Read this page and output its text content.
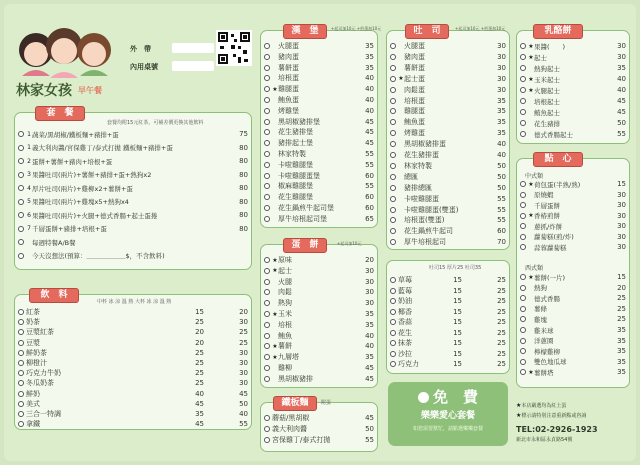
林家女孩 早午餐
外　帶
內用桌號
套　餐
套餐均附15元紅茶，可補差價更換其他飲料
1 蔬菜/黑胡椒/鐵板麵+豬排+蛋	75
1 義大利肉醬/宮保雞丁/泰式打拋 鐵板麵+豬排+蛋	80
2 蛋餅+薯餅+豬肉+培根+蛋	80
3 果醬吐司(兩片)+薯餅+豬排+蛋+熱狗x2	80
4 厚片吐司(兩片)+雞柳x2+薯餅+蛋	80
5 果醬吐司(兩片)+雞塊x5+熱狗x4	80
6 果醬吐司(兩片)+火腿+德式香腸+起士蛋捲	80
7 千層蛋餅+豬排+培根+蛋	80
每週特餐A/B餐
今天沒想法(預算：＿＿＿＿＿＿$，不含飲料)
飲　料
中杯 冰 涼 溫 熱 大杯 冰 涼 溫 熱
紅茶	15	20
奶茶	25	30
豆漿紅茶	20	25
豆漿	20	25
鮮奶茶	25	30
柳橙汁	25	30
巧克力牛奶	25	30
冬瓜奶茶	25	30
鮮奶	40	45
美式	45	50
三合一特調	35	40
拿鐵	45	55
漢　堡	+起司加10元 +煎蛋加10元
火腿蛋	35
豬肉蛋	35
薯餅蛋	35
培根蛋	40
★ 雞腿蛋	40
鮪魚蛋	40
烤雞堡	40
黑胡椒豬排堡	45
花生豬排堡	45
豬排起士堡	45
林家特製	55
卡啦雞腿堡	55
卡啦雞腿蛋堡	60
椒麻雞腿堡	55
花生雞腿堡	60
花生鍋煎牛起司堡	60
厚牛培根起司堡	65
蛋　餅	+起司加10元
★ 原味	20
★ 起士	30
火腿	30
肉鬆	30
熱狗	30
★ 玉米	35
培根	35
鮪魚	40
★ 薯餅	40
★ 九層塔	35
雞柳	45
黑胡椒豬排	45
鐵板麵	附蛋
蘑菇/黑胡椒	45
義大利肉醬	50
宮保雞丁/泰式打拋	55
吐　司	+起司加10元 +煎蛋加10元
火腿蛋	30
豬肉蛋	30
薯餅蛋	30
★ 起士蛋	30
肉鬆蛋	30
培根蛋	35
雞腿蛋	35
鮪魚蛋	35
烤雞蛋	35
黑胡椒豬排蛋	40
花生豬排蛋	40
林家特製	50
總匯	50
豬排總匯	50
卡啦雞腿蛋	55
卡啦雞腿蛋(雙蛋)	55
培根蛋(雙蛋)	55
花生鍋煎牛起司	60
厚牛培根起司	70
吐司15 厚片25 吐司35
草莓	15	25
藍莓	15	25
奶油	15	25
椰香	15	25
香蒜	15	25
花生	15	25
抹茶	15	25
沙拉	15	25
巧克力	15	25
免　費
樂樂愛心套餐
如您需要幫忙，請點選樂樂套餐
乳酪餅
★ 果醬(　　)	30
★ 起士	30
熱狗起士	35
★ 玉米起士	40
★ 火腿起士	40
培根起士	45
鮪魚起士	45
花生豬排	50
德式香腸起士	55
點　心
中式類
★ 荷包蛋(半熟/熟)	15
原燒蝦	30
千層蛋餅	30
★ 香椿煎餅	30
蔥抓/炸餅	30
蘿蔔糕(煎/炸)	30
蒜蓉蘿蔔糕	30
西式類
★ 薯餅(一片)	15
熱狗	20
德式香腸	25
薯條	25
雞塊	25
雞米球	35
洋蔥圈	35
檸檬雞柳	35
雙色地瓜球	35
★ 薯餅塔	35
★本店嚴選均為紅土蛋
★標示請特別注意重新點或咨詢
TEL:02-2926-1923
新北市永和區永貞路54號
